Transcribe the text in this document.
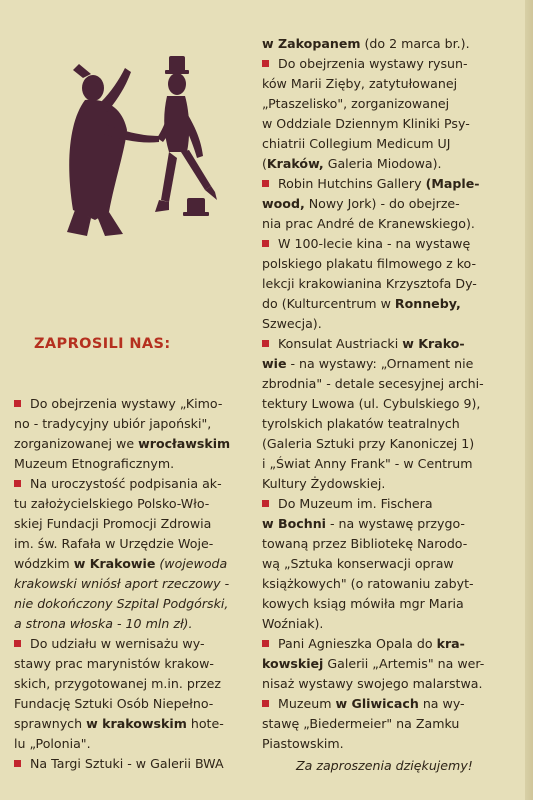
ZAPROSILI NAS:

Do obejrzenia wystawy „Kimo-
no - tradycyjny ubiór japoński",
zorganizowanej we wrocławskim
Muzeum Etnograficznym.

Na uroczystość podpisania ak-
tu założycielskiego Polsko-Wło-
skiej Fundacji Promocji Zdrowia
im. św. Rafała w Urzędzie Woje-
wódzkim w Krakowie (wojewoda
krakowski wniósł aport rzeczowy -
nie dokończony Szpital Podgórski,
a strona włoska - 10 mln zł).

Do udziału w wernisażu wy-
stawy prac marynistów krakow-
skich, przygotowanej m.in. przez
Fundację Sztuki Osób Niepełno-
sprawnych w krakowskim hote-
lu „Polonia".

Na Targi Sztuki - w Galerii BWA

w Zakopanem (do 2 marca br.).

Do obejrzenia wystawy rysun-
ków Marii Zięby, zatytułowanej
„Ptaszelisko", zorganizowanej
w Oddziale Dziennym Kliniki Psy-
chiatrii Collegium Medicum UJ
(Kraków, Galeria Miodowa).

Robin Hutchins Gallery (Maple-
wood, Nowy Jork) - do obejrze-
nia prac André de Kranewskiego).

W 100-lecie kina - na wystawę
polskiego plakatu filmowego z ko-
lekcji krakowianina Krzysztofa Dy-
do (Kulturcentrum w Ronneby,
Szwecja).

Konsulat Austriacki w Krako-
wie - na wystawy: „Ornament nie
zbrodnia" - detale secesyjnej archi-
tektury Lwowa (ul. Cybulskiego 9),
tyrolskich plakatów teatralnych
(Galeria Sztuki przy Kanoniczej 1)
i „Świat Anny Frank" - w Centrum
Kultury Żydowskiej.

Do Muzeum im. Fischera
w Bochni - na wystawę przygo-
towaną przez Bibliotekę Narodo-
wą „Sztuka konserwacji opraw
książkowych" (o ratowaniu zabyt-
kowych ksiąg mówiła mgr Maria
Woźniak).

Pani Agnieszka Opala do kra-
kowskiej Galerii „Artemis" na wer-
nisaż wystawy swojego malarstwa.

Muzeum w Gliwicach na wy-
stawę „Biedermeier" na Zamku
Piastowskim.

Za zaproszenia dziękujemy!
